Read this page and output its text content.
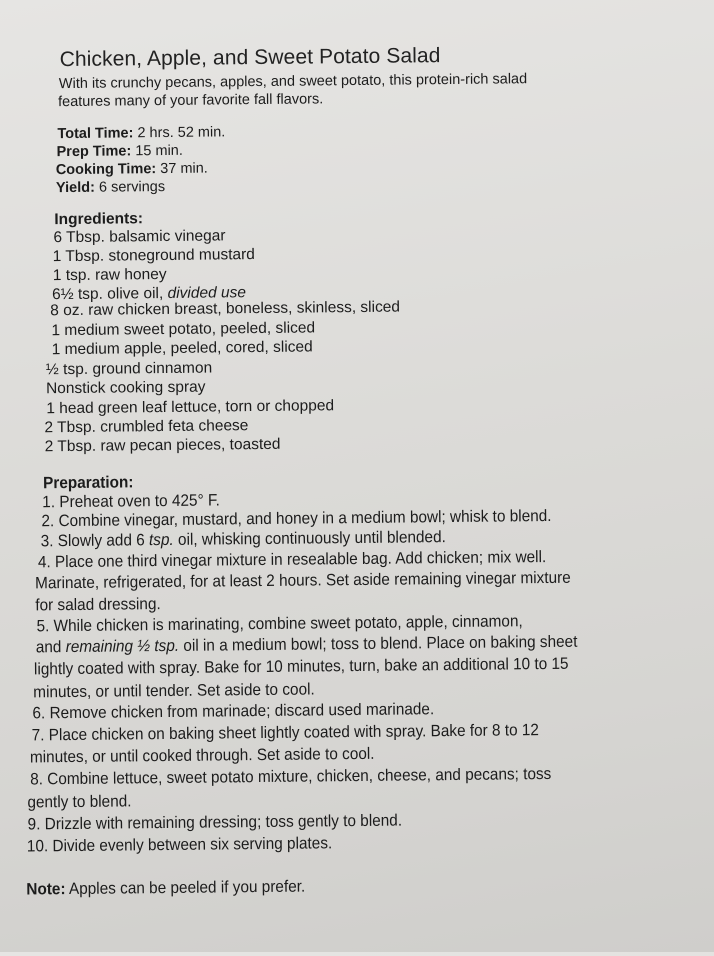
Chicken, Apple, and Sweet Potato Salad
With its crunchy pecans, apples, and sweet potato, this protein-rich salad
features many of your favorite fall flavors.
Total Time: 2 hrs. 52 min.
Prep Time: 15 min.
Cooking Time: 37 min.
Yield: 6 servings
Ingredients:
6 Tbsp. balsamic vinegar
1 Tbsp. stoneground mustard
1 tsp. raw honey
6½ tsp. olive oil, divided use
8 oz. raw chicken breast, boneless, skinless, sliced
1 medium sweet potato, peeled, sliced
1 medium apple, peeled, cored, sliced
½ tsp. ground cinnamon
Nonstick cooking spray
1 head green leaf lettuce, torn or chopped
2 Tbsp. crumbled feta cheese
2 Tbsp. raw pecan pieces, toasted
Preparation:
1. Preheat oven to 425° F.
2. Combine vinegar, mustard, and honey in a medium bowl; whisk to blend.
3. Slowly add 6 tsp. oil, whisking continuously until blended.
4. Place one third vinegar mixture in resealable bag. Add chicken; mix well.
Marinate, refrigerated, for at least 2 hours. Set aside remaining vinegar mixture
for salad dressing.
5. While chicken is marinating, combine sweet potato, apple, cinnamon,
and remaining ½ tsp. oil in a medium bowl; toss to blend. Place on baking sheet
lightly coated with spray. Bake for 10 minutes, turn, bake an additional 10 to 15
minutes, or until tender. Set aside to cool.
6. Remove chicken from marinade; discard used marinade.
7. Place chicken on baking sheet lightly coated with spray. Bake for 8 to 12
minutes, or until cooked through. Set aside to cool.
8. Combine lettuce, sweet potato mixture, chicken, cheese, and pecans; toss
gently to blend.
9. Drizzle with remaining dressing; toss gently to blend.
10. Divide evenly between six serving plates.
Note: Apples can be peeled if you prefer.
